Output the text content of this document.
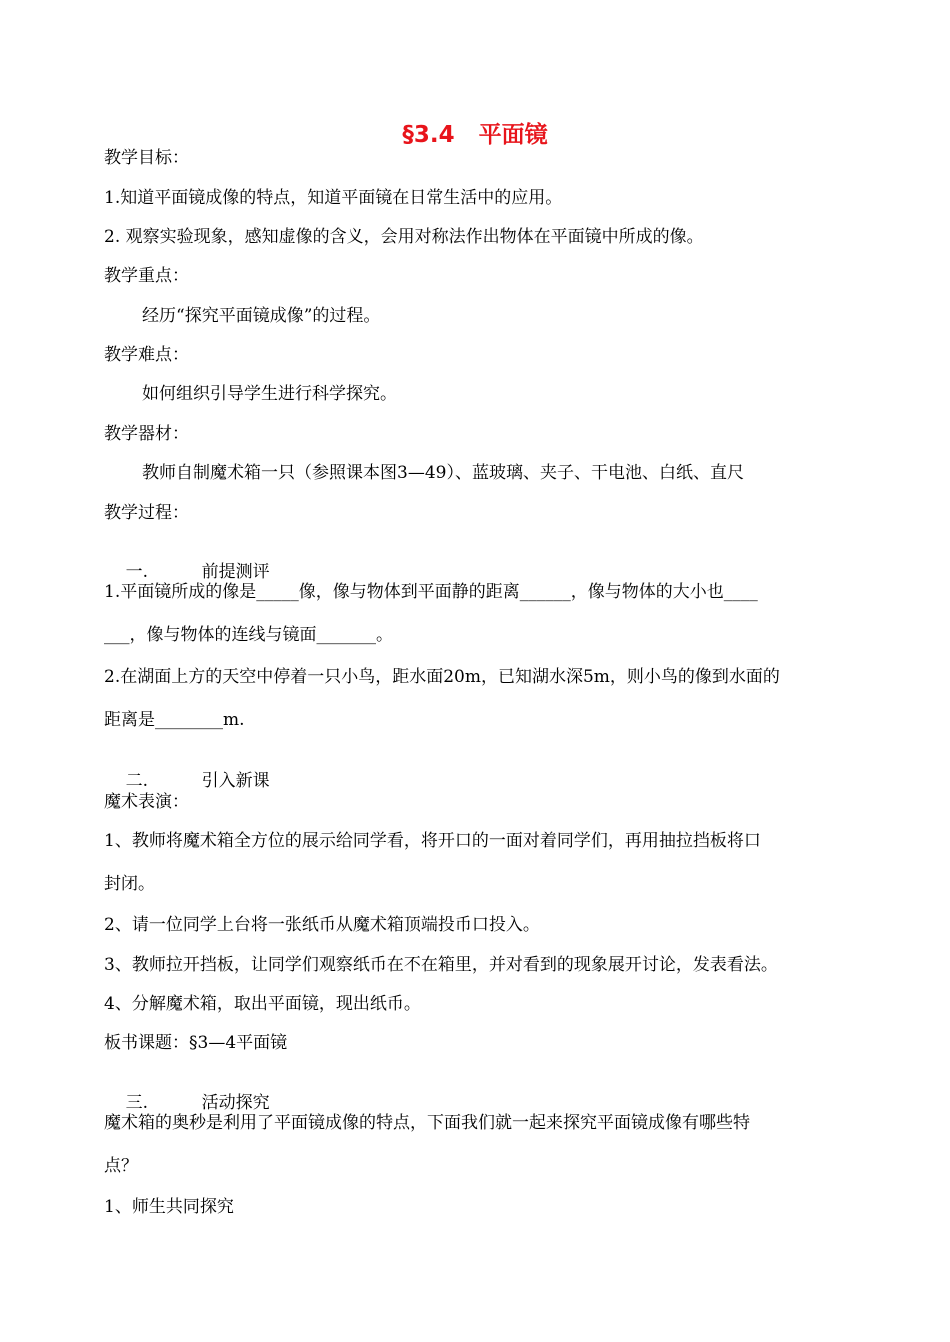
§3.4   平面镜
教学目标：
1.知道平面镜成像的特点，知道平面镜在日常生活中的应用。
2. 观察实验现象，感知虚像的含义，会用对称法作出物体在平面镜中所成的像。
教学重点：
经历“探究平面镜成像”的过程。
教学难点：
如何组织引导学生进行科学探究。
教学器材：
教师自制魔术箱一只（参照课本图3—49）、蓝玻璃、夹子、干电池、白纸、直尺
教学过程：

一.	前提测评

1.平面镜所成的像是_____像，像与物体到平面静的距离______，像与物体的大小也____
___，像与物体的连线与镜面_______。
2.在湖面上方的天空中停着一只小鸟，距水面20m，已知湖水深5m，则小鸟的像到水面的
距离是________m.

二.	引入新课

魔术表演：
1、教师将魔术箱全方位的展示给同学看，将开口的一面对着同学们，再用抽拉挡板将口
封闭。
2、请一位同学上台将一张纸币从魔术箱顶端投币口投入。
3、教师拉开挡板，让同学们观察纸币在不在箱里，并对看到的现象展开讨论，发表看法。
4、分解魔术箱，取出平面镜，现出纸币。
板书课题：§3—4平面镜

三.	活动探究

魔术箱的奥秒是利用了平面镜成像的特点，下面我们就一起来探究平面镜成像有哪些特
点？
1、师生共同探究
